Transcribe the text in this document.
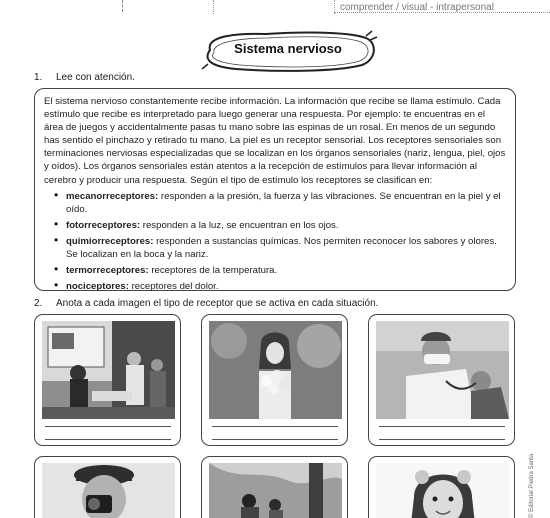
comprender / visual - intrapersonal
Sistema nervioso
1. Lee con atención.

El sistema nervioso constantemente recibe información. La información que recibe se llama estímulo. Cada estímulo que recibe es interpretado para luego generar una respuesta. Por ejemplo: te encuentras en el área de juegos y accidentalmente pasas tu mano sobre las espinas de un rosal. En menos de un segundo has sentido el pinchazo y retirado tu mano. La piel es un receptor sensorial. Los receptores sensoriales son terminaciones nerviosas especializadas que se localizan en los órganos sensoriales (nariz, lengua, piel, ojos y oídos). Los órganos sensoriales están atentos a la recepción de estímulos para llevar información al cerebro y producir una respuesta. Según el tipo de estímulo los receptores se clasifican en:

• mecanorreceptores: responden a la presión, la fuerza y las vibraciones. Se encuentran en la piel y el oído.
• fotorreceptores: responden a la luz, se encuentran en los ojos.
• quimiorreceptores: responden a sustancias químicas. Nos permiten reconocer los sabores y olores.
Se localizan en la boca y la nariz.
• termorreceptores: receptores de la temperatura.
• nociceptores: receptores del dolor.
2. Anota a cada imagen el tipo de receptor que se activa en cada situación.
© Editorial Piedra Santa
